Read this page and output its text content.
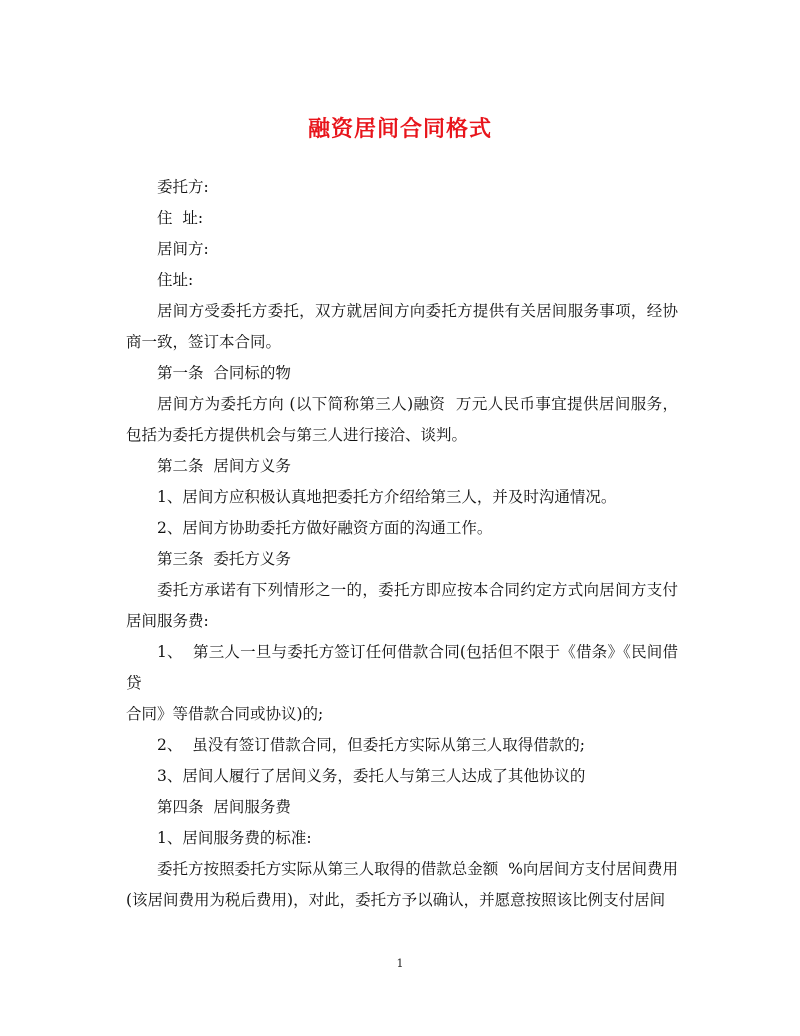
融资居间合同格式

委托方:

住  址:

居间方:

住址:

居间方受委托方委托，双方就居间方向委托方提供有关居间服务事项，经协商一致，签订本合同。

第一条  合同标的物

居间方为委托方向 (以下简称第三人)融资  万元人民币事宜提供居间服务，包括为委托方提供机会与第三人进行接洽、谈判。

第二条  居间方义务

1、居间方应积极认真地把委托方介绍给第三人，并及时沟通情况。

2、居间方协助委托方做好融资方面的沟通工作。

第三条  委托方义务

委托方承诺有下列情形之一的，委托方即应按本合同约定方式向居间方支付居间服务费:

1、  第三人一旦与委托方签订任何借款合同(包括但不限于《借条》《民间借贷

合同》等借款合同或协议)的;

2、  虽没有签订借款合同，但委托方实际从第三人取得借款的;

3、居间人履行了居间义务，委托人与第三人达成了其他协议的

第四条  居间服务费

1、居间服务费的标准:

委托方按照委托方实际从第三人取得的借款总金额  %向居间方支付居间费用(该居间费用为税后费用)，对此，委托方予以确认，并愿意按照该比例支付居间

1
